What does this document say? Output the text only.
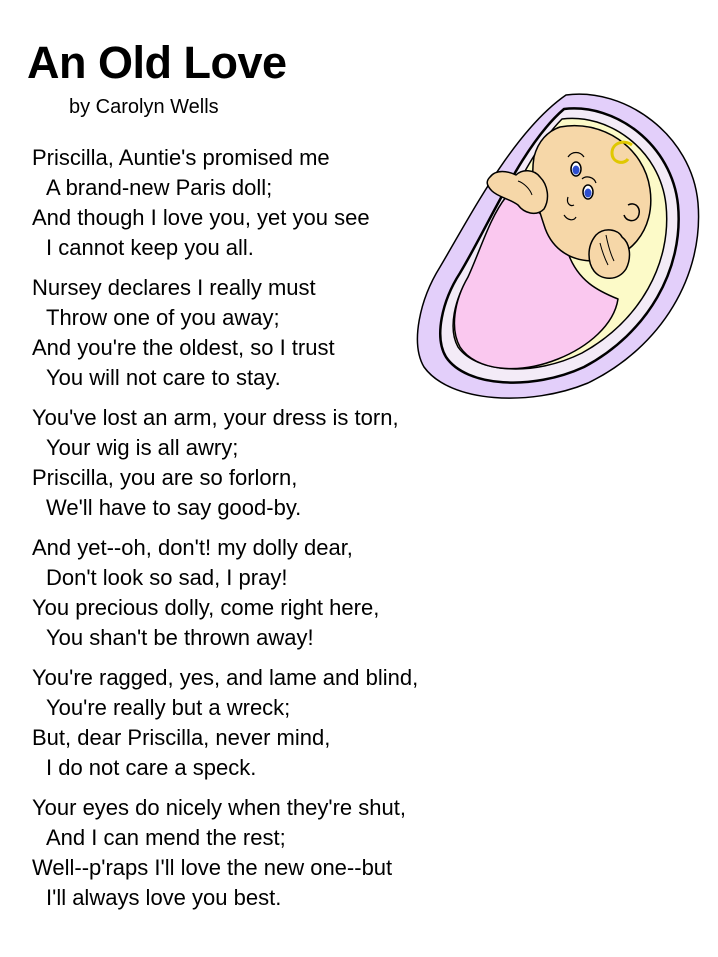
An Old Love
by Carolyn Wells
Priscilla, Auntie's promised me
A brand-new Paris doll;
And though I love you, yet you see
I cannot keep you all.
Nursey declares I really must
Throw one of you away;
And you're the oldest, so I trust
You will not care to stay.
You've lost an arm, your dress is torn,
Your wig is all awry;
Priscilla, you are so forlorn,
We'll have to say good-by.
And yet--oh, don't! my dolly dear,
Don't look so sad, I pray!
You precious dolly, come right here,
You shan't be thrown away!
You're ragged, yes, and lame and blind,
You're really but a wreck;
But, dear Priscilla, never mind,
I do not care a speck.
Your eyes do nicely when they're shut,
And I can mend the rest;
Well--p'raps I'll love the new one--but
I'll always love you best.
